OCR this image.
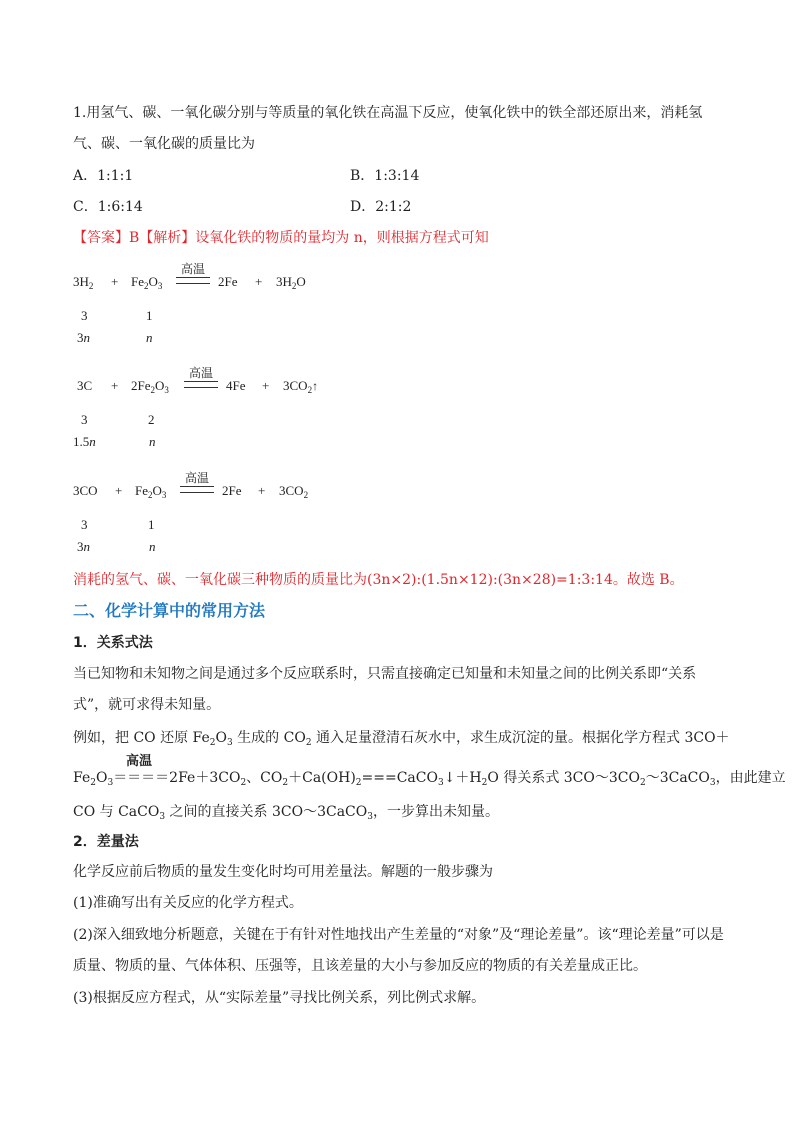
1.用氢气、碳、一氧化碳分别与等质量的氧化铁在高温下反应，使氧化铁中的铁全部还原出来，消耗氢
气、碳、一氧化碳的质量比为
A．1:1:1	B．1:3:14
C．1:6:14	D．2:1:2
【答案】B【解析】设氧化铁的物质的量均为 n，则根据方程式可知
$3H_2 + Fe_2O_3$
高温
$2Fe + 3H_2O$
3	1
3n	n
$3C + 2Fe_2O_3$
高温
$4Fe + 3CO_2↑$
3	2
1.5n	n
$3CO + Fe_2O_3$
高温
$2Fe + 3CO_2$
3	1
3n	n
消耗的氢气、碳、一氧化碳三种物质的质量比为(3n×2):(1.5n×12):(3n×28)=1:3:14。故选 B。
二、化学计算中的常用方法
1．关系式法
当已知物和未知物之间是通过多个反应联系时，只需直接确定已知量和未知量之间的比例关系即“关系
式”，就可求得未知量。
例如，把 CO 还原 $Fe_2O_3$ 生成的 $CO_2$ 通入足量澄清石灰水中，求生成沉淀的量。根据化学方程式 3CO＋
高温
$Fe_2O_3====2Fe+3CO_2$、$CO_2+Ca(OH)_2===CaCO_3↓+H_2O$ 得关系式 $3CO\sim 3CO_2\sim 3CaCO_3$，由此建立
CO 与 CaCO$_3$ 之间的直接关系 3CO～3CaCO$_3$，一步算出未知量。
2．差量法
化学反应前后物质的量发生变化时均可用差量法。解题的一般步骤为
(1)准确写出有关反应的化学方程式。
(2)深入细致地分析题意，关键在于有针对性地找出产生差量的“对象”及“理论差量”。该“理论差量”可以是
质量、物质的量、气体体积、压强等，且该差量的大小与参加反应的物质的有关差量成正比。
(3)根据反应方程式，从“实际差量”寻找比例关系，列比例式求解。
